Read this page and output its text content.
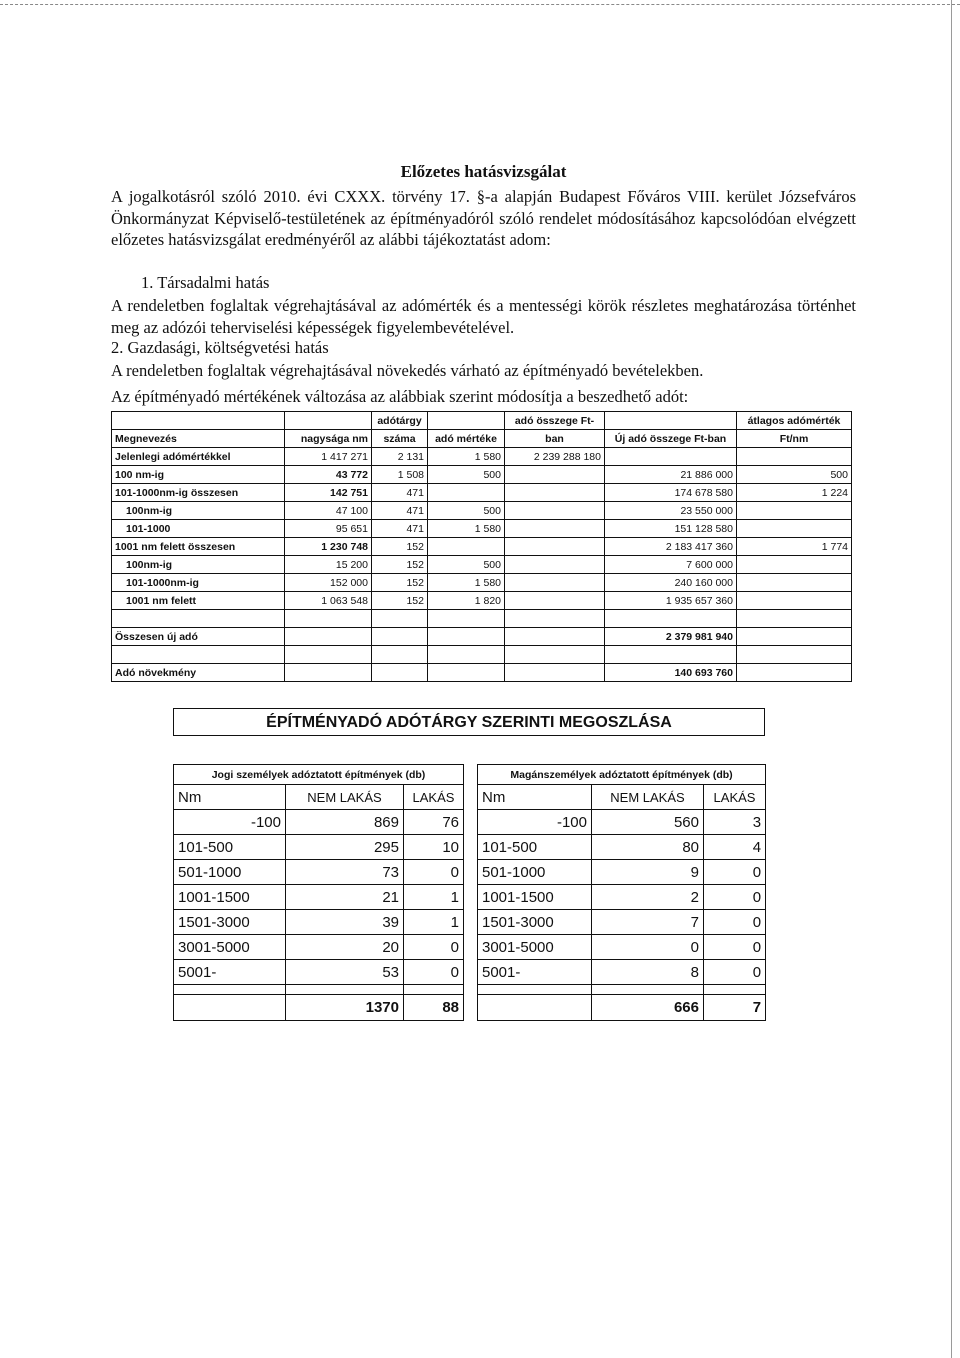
Előzetes hatásvizsgálat
A jogalkotásról szóló 2010. évi CXXX. törvény 17. §-a alapján Budapest Főváros VIII. kerület Józsefváros Önkormányzat Képviselő-testületének az építményadóról szóló rendelet módosításához kapcsolódóan elvégzett előzetes hatásvizsgálat eredményéről az alábbi tájékoztatást adom:
1. Társadalmi hatás
A rendeletben foglaltak végrehajtásával az adómérték és a mentességi körök részletes meghatározása történhet meg az adózói teherviselési képességek figyelembevételével.
2. Gazdasági, költségvetési hatás
A rendeletben foglaltak végrehajtásával növekedés várható az építményadó bevételekben.
Az építményadó mértékének változása az alábbiak szerint módosítja a beszedhető adót:
		adótárgy		adó összege Ft-		átlagos adómérték
Megnevezés	nagysága nm	száma	adó mértéke	ban	Új adó összege Ft-ban	Ft/nm
Jelenlegi adómértékkel	1 417 271	2 131	1 580	2 239 288 180		
100 nm-ig	43 772	1 508	500		21 886 000	500
101-1000nm-ig összesen	142 751	471			174 678 580	1 224
100nm-ig	47 100	471	500		23 550 000	
101-1000	95 651	471	1 580		151 128 580	
1001 nm felett összesen	1 230 748	152			2 183 417 360	1 774
100nm-ig	15 200	152	500		7 600 000	
101-1000nm-ig	152 000	152	1 580		240 160 000	
1001 nm felett	1 063 548	152	1 820		1 935 657 360	

Összesen új adó					2 379 981 940	

Adó növekmény					140 693 760	
ÉPÍTMÉNYADÓ ADÓTÁRGY SZERINTI MEGOSZLÁSA
Jogi személyek adóztatott építmények (db)		
Nm	NEM LAKÁS	LAKÁS
-100	869	76
101-500	295	10
501-1000	73	0
1001-1500	21	1
1501-3000	39	1
3001-5000	20	0
5001-	53	0

	1370	88
Magánszemélyek adóztatott építmények (db)		
Nm	NEM LAKÁS	LAKÁS
-100	560	3
101-500	80	4
501-1000	9	0
1001-1500	2	0
1501-3000	7	0
3001-5000	0	0
5001-	8	0

	666	7
